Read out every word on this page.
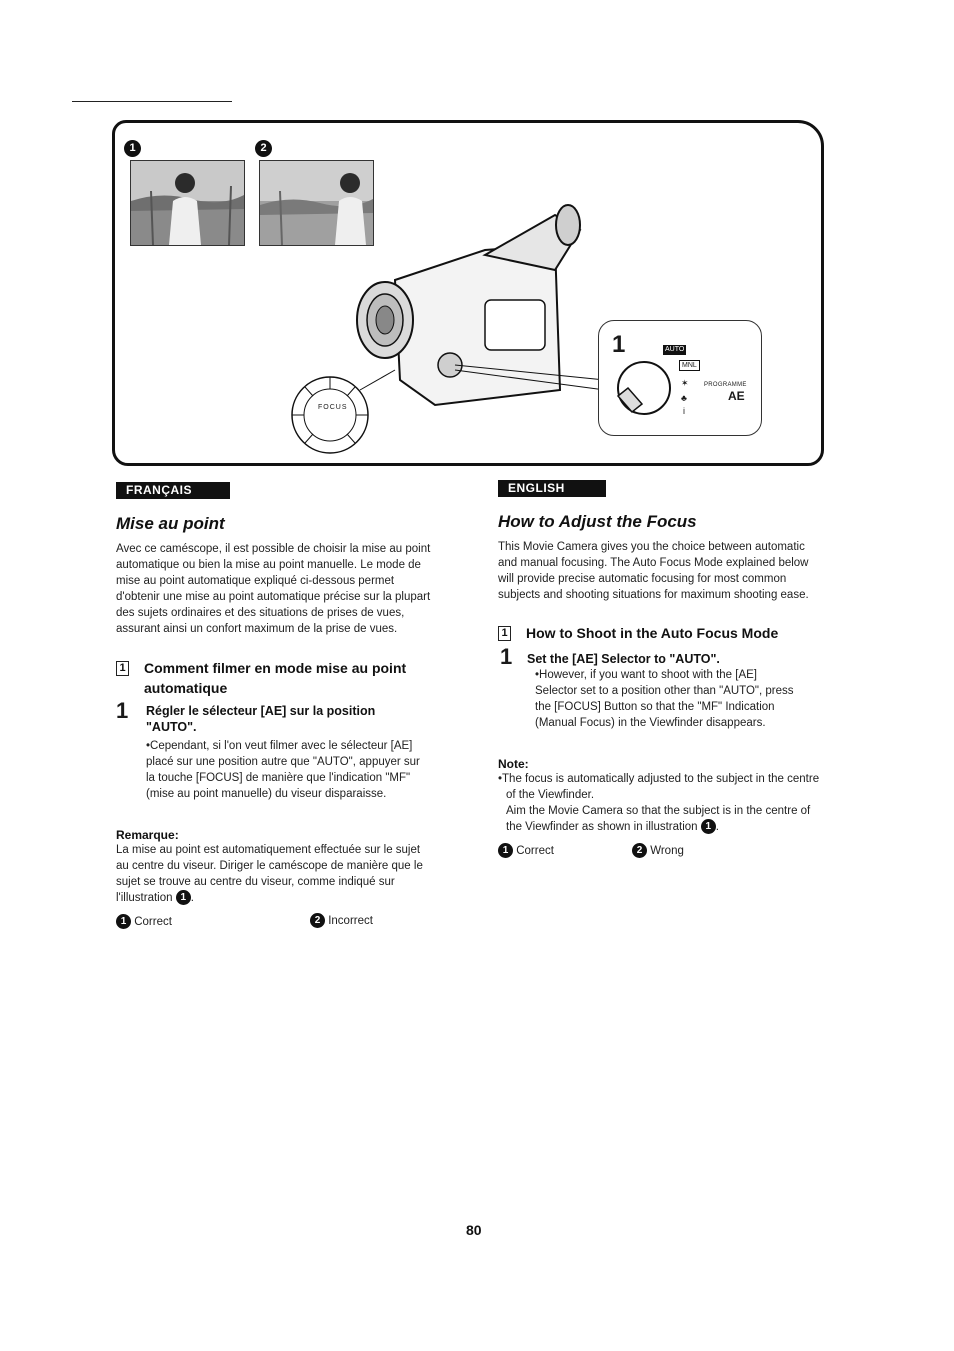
1	2
FOCUS
1	AUTO
MNL
✶
♣
i
PROGRAMME
AE
FRANÇAIS
Mise au point
Avec ce caméscope, il est possible de choisir la mise au point automatique ou bien la mise au point manuelle. Le mode de mise au point automatique expliqué ci-dessous permet d'obtenir une mise au point automatique précise sur la plupart des sujets ordinaires et des situations de prises de vues, assurant ainsi un confort maximum de la prise de vues.
1 Comment filmer en mode mise au point automatique
1 Régler le sélecteur [AE] sur la position "AUTO".
•Cependant, si l'on veut filmer avec le sélecteur [AE] placé sur une position autre que "AUTO", appuyer sur la touche [FOCUS] de manière que l'indication "MF" (mise au point manuelle) du viseur disparaisse.
Remarque:
La mise au point est automatiquement effectuée sur le sujet au centre du viseur. Diriger le caméscope de manière que le sujet se trouve au centre du viseur, comme indiqué sur l'illustration 1 .
1 Correct	2 Incorrect
ENGLISH
How to Adjust the Focus
This Movie Camera gives you the choice between automatic and manual focusing. The Auto Focus Mode explained below will provide precise automatic focusing for most common subjects and shooting situations for maximum shooting ease.
1 How to Shoot in the Auto Focus Mode
1 Set the [AE] Selector to "AUTO".
•However, if you want to shoot with the [AE] Selector set to a position other than "AUTO", press the [FOCUS] Button so that the "MF" Indication (Manual Focus) in the Viewfinder disappears.
Note:
•The focus is automatically adjusted to the subject in the centre of the Viewfinder.
Aim the Movie Camera so that the subject is in the centre of the Viewfinder as shown in illustration 1 .
1 Correct	2 Wrong
80
